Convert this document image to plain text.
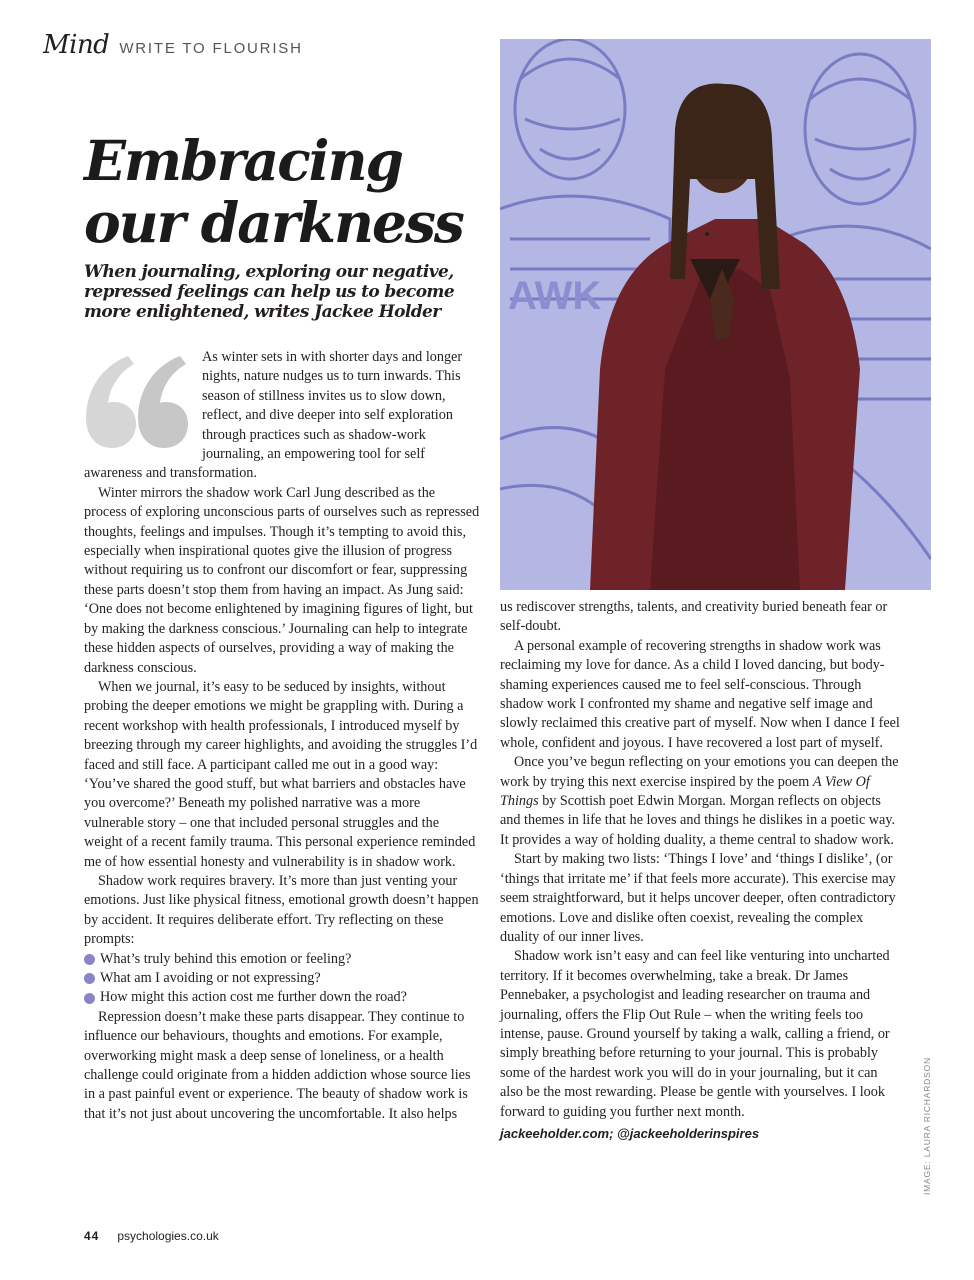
Mind WRITE TO FLOURISH
Embracing our darkness
When journaling, exploring our negative, repressed feelings can help us to become more enlightened, writes Jackee Holder	AWK

As winter sets in with shorter days and longer nights, nature nudges us to turn inwards. This season of stillness invites us to slow down, reflect, and dive deeper into self exploration through practices such as shadow-work journaling, an empowering tool for self awareness and transformation.

Winter mirrors the shadow work Carl Jung described as the process of exploring unconscious parts of ourselves such as repressed thoughts, feelings and impulses. Though it’s tempting to avoid this, especially when inspirational quotes give the illusion of progress without requiring us to confront our discomfort or fear, suppressing these parts doesn’t stop them from having an impact. As Jung said: ‘One does not become enlightened by imagining figures of light, but by making the darkness conscious.’ Journaling can help to integrate these hidden aspects of ourselves, providing a way of making the darkness conscious.

When we journal, it’s easy to be seduced by insights, without probing the deeper emotions we might be grappling with. During a recent workshop with health professionals, I introduced myself by breezing through my career highlights, and avoiding the struggles I’d faced and still face. A participant called me out in a good way: ‘You’ve shared the good stuff, but what barriers and obstacles have you overcome?’ Beneath my polished narrative was a more vulnerable story – one that included personal struggles and the weight of a recent family trauma. This personal experience reminded me of how essential honesty and vulnerability is in shadow work.

Shadow work requires bravery. It’s more than just venting your emotions. Just like physical fitness, emotional growth doesn’t happen by accident. It requires deliberate effort. Try reflecting on these prompts:

What’s truly behind this emotion or feeling?
What am I avoiding or not expressing?
How might this action cost me further down the road?

Repression doesn’t make these parts disappear. They continue to influence our behaviours, thoughts and emotions. For example, overworking might mask a deep sense of loneliness, or a health challenge could originate from a hidden addiction whose source lies in a past painful event or experience. The beauty of shadow work is that it’s not just about uncovering the uncomfortable. It also helps

us rediscover strengths, talents, and creativity buried beneath fear or self-doubt.

A personal example of recovering strengths in shadow work was reclaiming my love for dance. As a child I loved dancing, but body-shaming experiences caused me to feel self-conscious. Through shadow work I confronted my shame and negative self image and slowly reclaimed this creative part of myself. Now when I dance I feel whole, confident and joyous. I have recovered a lost part of myself.

Once you’ve begun reflecting on your emotions you can deepen the work by trying this next exercise inspired by the poem A View Of Things by Scottish poet Edwin Morgan. Morgan reflects on objects and themes in life that he loves and things he dislikes in a poetic way. It provides a way of holding duality, a theme central to shadow work.

Start by making two lists: ‘Things I love’ and ‘things I dislike’, (or ‘things that irritate me’ if that feels more accurate). This exercise may seem straightforward, but it helps uncover deeper, often contradictory emotions. Love and dislike often coexist, revealing the complex duality of our inner lives.

Shadow work isn’t easy and can feel like venturing into uncharted territory. If it becomes overwhelming, take a break. Dr James Pennebaker, a psychologist and leading researcher on trauma and journaling, offers the Flip Out Rule – when the writing feels too intense, pause. Ground yourself by taking a walk, calling a friend, or simply breathing before returning to your journal. This is probably some of the hardest work you will do in your journaling, but it can also be the most rewarding. Please be gentle with yourselves. I look forward to guiding you further next month.

jackeeholder.com; @jackeeholderinspires	IMAGE: LAURA RICHARDSON
44 psychologies.co.uk
